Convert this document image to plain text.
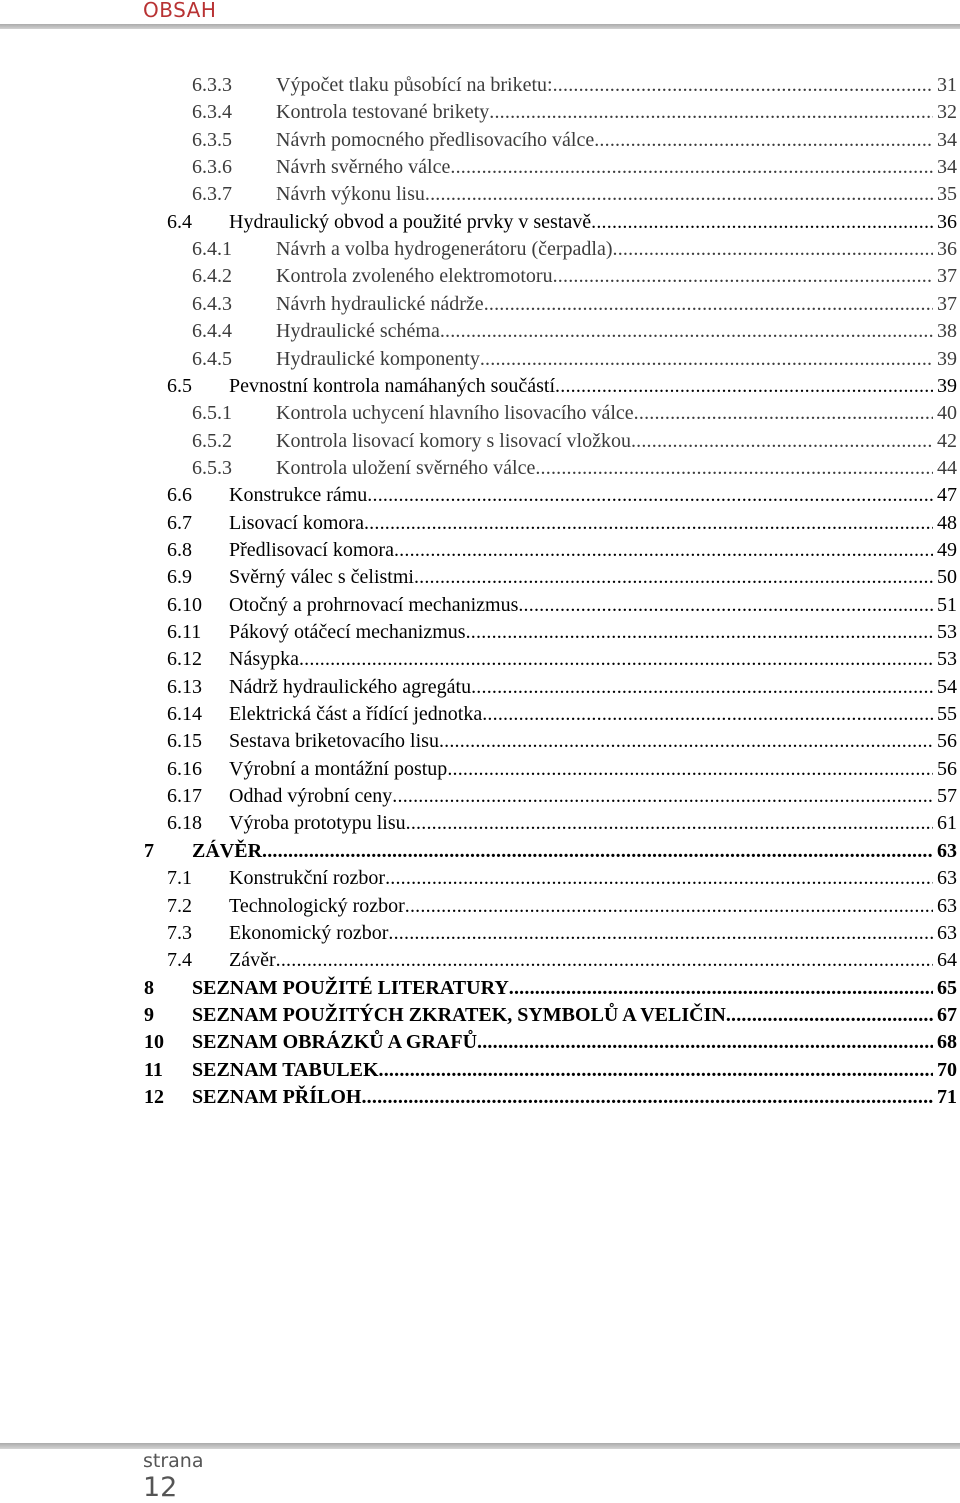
OBSAH
6.3.3 Výpočet tlaku působící na briketu: . . .	31
6.3.4 Kontrola testované brikety . . .	32
6.3.5 Návrh pomocného předlisovacího válce . . .	34
6.3.6 Návrh svěrného válce . . .	34
6.3.7 Návrh výkonu lisu . . .	35
6.4 Hydraulický obvod a použité prvky v sestavě . . .	36
6.4.1 Návrh a volba hydrogenerátoru (čerpadla) . . .	36
6.4.2 Kontrola zvoleného elektromotoru . . .	37
6.4.3 Návrh hydraulické nádrže . . .	37
6.4.4 Hydraulické schéma . . .	38
6.4.5 Hydraulické komponenty . . .	39
6.5 Pevnostní kontrola namáhaných součástí . . .	39
6.5.1 Kontrola uchycení hlavního lisovacího válce . . .	40
6.5.2 Kontrola lisovací komory s lisovací vložkou . . .	42
6.5.3 Kontrola uložení svěrného válce . . .	44
6.6 Konstrukce rámu . . .	47
6.7 Lisovací komora . . .	48
6.8 Předlisovací komora . . .	49
6.9 Svěrný válec s čelistmi . . .	50
6.10 Otočný a prohrnovací mechanizmus . . .	51
6.11 Pákový otáčecí mechanizmus . . .	53
6.12 Násypka . . .	53
6.13 Nádrž hydraulického agregátu . . .	54
6.14 Elektrická část a řídící jednotka . . .	55
6.15 Sestava briketovacího lisu . . .	56
6.16 Výrobní a montážní postup . . .	56
6.17 Odhad výrobní ceny . . .	57
6.18 Výroba prototypu lisu . . .	61
7 ZÁVĚR . . .	63
7.1 Konstrukční rozbor . . .	63
7.2 Technologický rozbor . . .	63
7.3 Ekonomický rozbor . . .	63
7.4 Závěr . . .	64
8 SEZNAM POUŽITÉ LITERATURY . . .	65
9 SEZNAM POUŽITÝCH ZKRATEK, SYMBOLŮ A VELIČIN . . .	67
10 SEZNAM OBRÁZKŮ A GRAFŮ . . .	68
11 SEZNAM TABULEK . . .	70
12 SEZNAM PŘÍLOH . . .	71
strana
12
